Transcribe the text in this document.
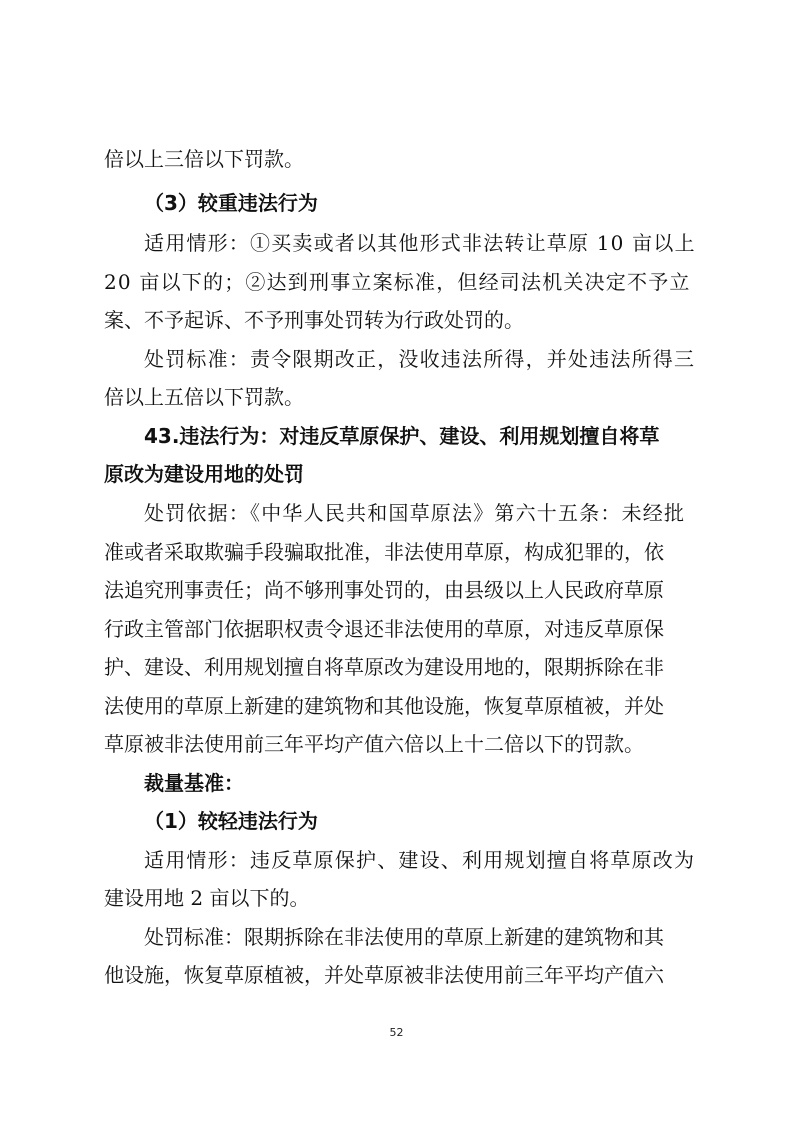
倍以上三倍以下罚款。
（3）较重违法行为
适用情形：①买卖或者以其他形式非法转让草原 10 亩以上
20 亩以下的；②达到刑事立案标准，但经司法机关决定不予立
案、不予起诉、不予刑事处罚转为行政处罚的。
处罚标准：责令限期改正，没收违法所得，并处违法所得三
倍以上五倍以下罚款。
43.违法行为：对违反草原保护、建设、利用规划擅自将草
原改为建设用地的处罚
处罚依据：《中华人民共和国草原法》第六十五条：未经批
准或者采取欺骗手段骗取批准，非法使用草原，构成犯罪的，依
法追究刑事责任；尚不够刑事处罚的，由县级以上人民政府草原
行政主管部门依据职权责令退还非法使用的草原，对违反草原保
护、建设、利用规划擅自将草原改为建设用地的，限期拆除在非
法使用的草原上新建的建筑物和其他设施，恢复草原植被，并处
草原被非法使用前三年平均产值六倍以上十二倍以下的罚款。
裁量基准：
（1）较轻违法行为
适用情形：违反草原保护、建设、利用规划擅自将草原改为
建设用地 2 亩以下的。
处罚标准：限期拆除在非法使用的草原上新建的建筑物和其
他设施，恢复草原植被，并处草原被非法使用前三年平均产值六
52
